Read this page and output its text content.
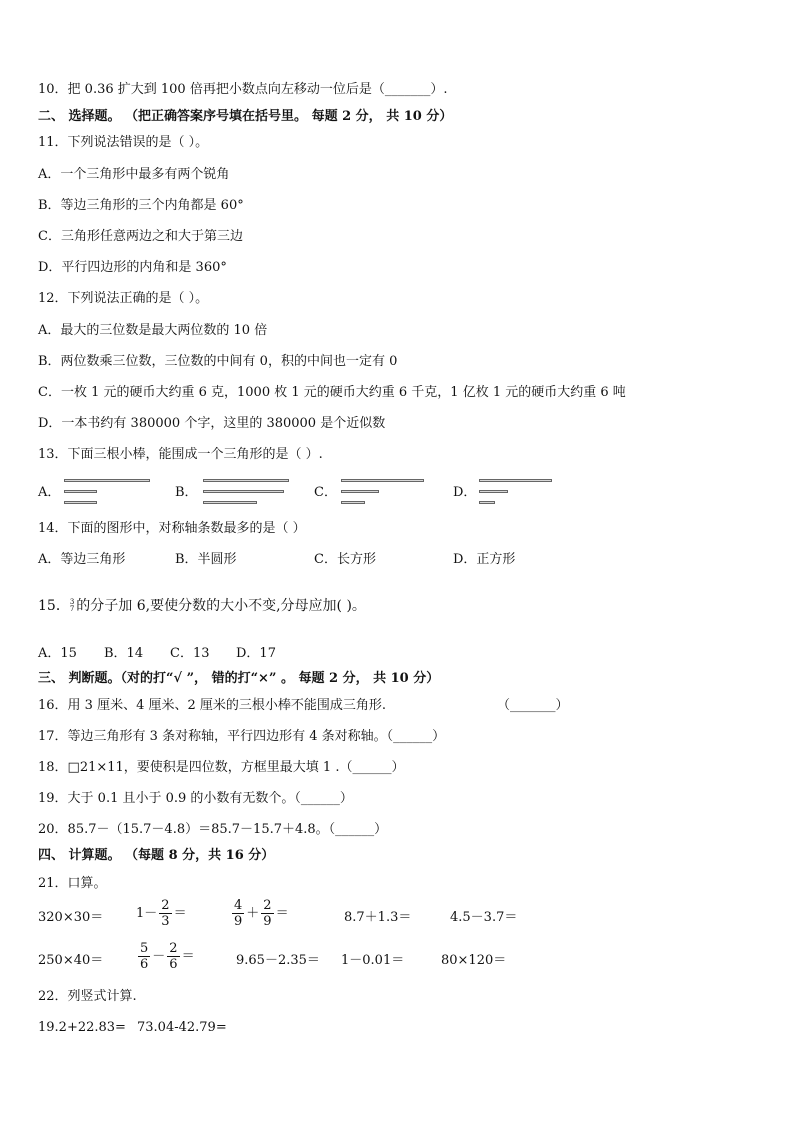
10．把 0.36 扩大到 100 倍再把小数点向左移动一位后是（_______）.
二、 选择题。 （把正确答案序号填在括号里。 每题 2 分， 共 10 分）
11．下列说法错误的是（ ）。
A．一个三角形中最多有两个锐角
B．等边三角形的三个内角都是 60°
C．三角形任意两边之和大于第三边
D．平行四边形的内角和是 360°
12．下列说法正确的是（ ）。
A．最大的三位数是最大两位数的 10 倍
B．两位数乘三位数，三位数的中间有 0，积的中间也一定有 0
C．一枚 1 元的硬币大约重 6 克，1000 枚 1 元的硬币大约重 6 千克，1 亿枚 1 元的硬币大约重 6 吨
D．一本书约有 380000 个字，这里的 380000 是个近似数
13．下面三根小棒，能围成一个三角形的是（ ）.
A．	B．	C．	D．
14．下面的图形中，对称轴条数最多的是（ ）
A．等边三角形	B．半圆形	C．长方形	D．正方形
15． 3
7 的分子加 6,要使分数的大小不变,分母应加( )。
A．15 B．14 C．13 D．17
三、 判断题。（对的打“√ ”， 错的打“×” 。 每题 2 分， 共 10 分）
16．用 3 厘米、4 厘米、2 厘米的三根小棒不能围成三角形.	（_______）
17．等边三角形有 3 条对称轴，平行四边形有 4 条对称轴。（______）
18．□21×11，要使积是四位数，方框里最大填 1 .（______）
19．大于 0.1 且小于 0.9 的小数有无数个。（______）
20．85.7－（15.7－4.8）＝85.7－15.7＋4.8。（______）
四、 计算题。 （每题 8 分，共 16 分）
21．口算。
320×30＝	$1- \frac{2}{3}$ ＝	$\frac{4}{9} + \frac{2}{9}$ ＝	8.7＋1.3＝	4.5－3.7＝
250×40＝	$\frac{5}{6} - \frac{2}{6}$ ＝	9.65－2.35＝ 1－0.01＝	80×120＝
22．列竖式计算.
19.2+22.83= 73.04-42.79=
